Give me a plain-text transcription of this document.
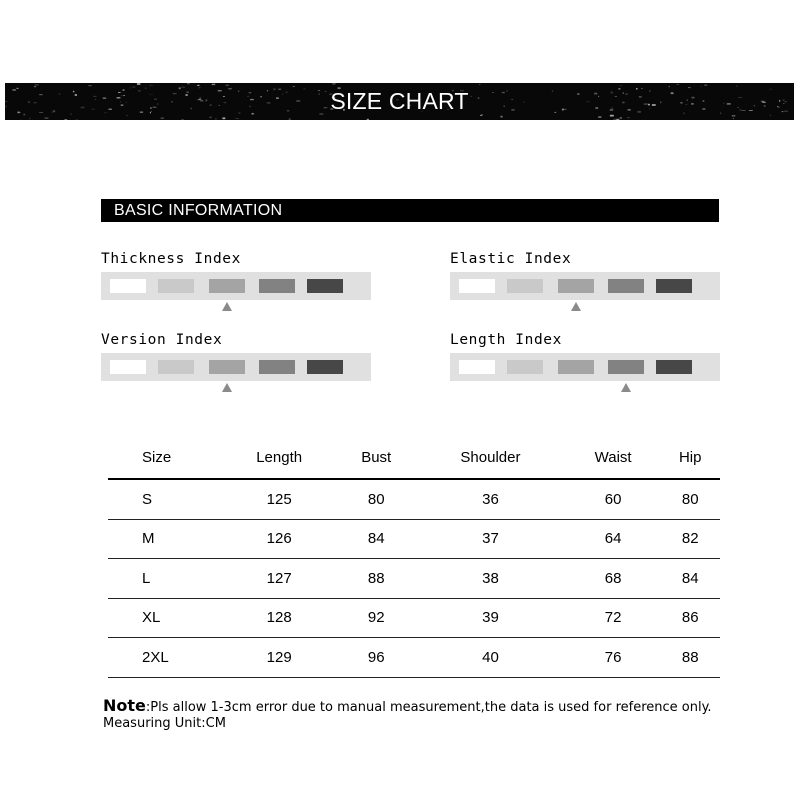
SIZE CHART
BASIC INFORMATION
Thickness Index	Elastic Index
Version Index	Length Index
Size	Length	Bust	Shoulder	Waist	Hip
S	125	80	36	60	80
M	126	84	37	64	82
L	127	88	38	68	84
XL	128	92	39	72	86
2XL	129	96	40	76	88
Note:Pls allow 1-3cm error due to manual measurement,the data is used for reference only.
Measuring Unit:CM
